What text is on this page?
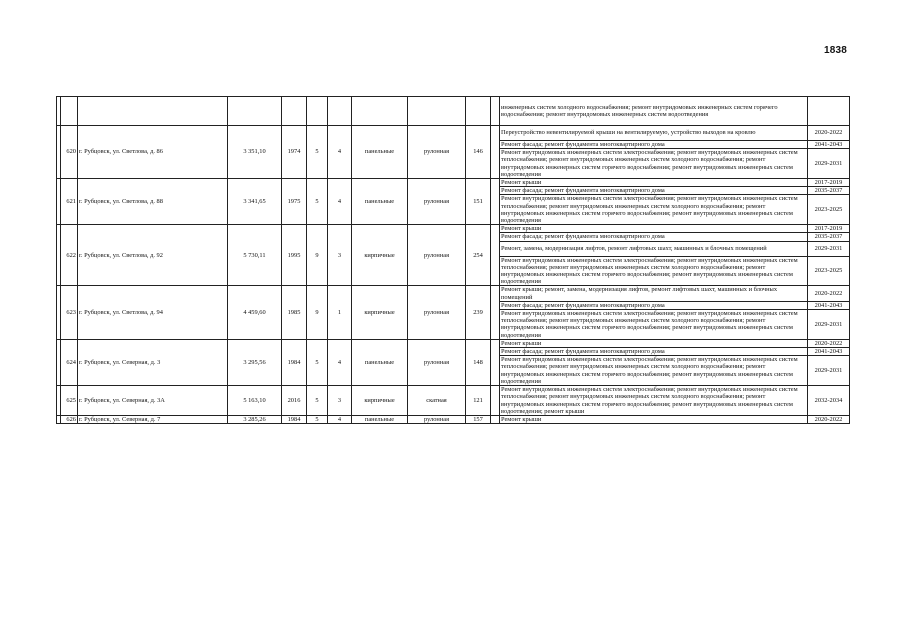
1838
											инженерных систем холодного водоснабжения; ремонт внутридомовых инженерных систем горячего водоснабжения; ремонт внутридомовых инженерных систем водоотведения	
	620	г. Рубцовск, ул. Светлова, д. 86	3 351,10	1974	5	4	панельные	рулонная	146		Переустройство невентилируемой крыши на вентилируемую, устройство выходов на кровлю	2020-2022
											Ремонт фасада; ремонт фундамента многоквартирного дома	2041-2043
											Ремонт внутридомовых инженерных систем электроснабжения; ремонт внутридомовых инженерных систем теплоснабжения; ремонт внутридомовых инженерных систем холодного водоснабжения; ремонт внутридомовых инженерных систем горячего водоснабжения; ремонт внутридомовых инженерных систем водоотведения	2029-2031
	621	г. Рубцовск, ул. Светлова, д. 88	3 341,65	1975	5	4	панельные	рулонная	151		Ремонт крыши	2017-2019
											Ремонт фасада; ремонт фундамента многоквартирного дома	2035-2037
											Ремонт внутридомовых инженерных систем электроснабжения; ремонт внутридомовых инженерных систем теплоснабжения; ремонт внутридомовых инженерных систем холодного водоснабжения; ремонт внутридомовых инженерных систем горячего водоснабжения; ремонт внутридомовых инженерных систем водоотведения	2023-2025
	622	г. Рубцовск, ул. Светлова, д. 92	5 730,11	1995	9	3	кирпичные	рулонная	254		Ремонт крыши	2017-2019
											Ремонт фасада; ремонт фундамента многоквартирного дома	2035-2037
											Ремонт, замена, модернизация лифтов, ремонт лифтовых шахт, машинных и блочных помещений	2029-2031
											Ремонт внутридомовых инженерных систем электроснабжения; ремонт внутридомовых инженерных систем теплоснабжения; ремонт внутридомовых инженерных систем холодного водоснабжения; ремонт внутридомовых инженерных систем горячего водоснабжения; ремонт внутридомовых инженерных систем водоотведения	2023-2025
	623	г. Рубцовск, ул. Светлова, д. 94	4 459,60	1985	9	1	кирпичные	рулонная	239		Ремонт крыши; ремонт, замена, модернизация лифтов, ремонт лифтовых шахт, машинных и блочных помещений	2020-2022
											Ремонт фасада; ремонт фундамента многоквартирного дома	2041-2043
											Ремонт внутридомовых инженерных систем электроснабжения; ремонт внутридомовых инженерных систем теплоснабжения; ремонт внутридомовых инженерных систем холодного водоснабжения; ремонт внутридомовых инженерных систем горячего водоснабжения; ремонт внутридомовых инженерных систем водоотведения	2029-2031
	624	г. Рубцовск, ул. Северная, д. 3	3 295,56	1984	5	4	панельные	рулонная	148		Ремонт крыши	2020-2022
											Ремонт фасада; ремонт фундамента многоквартирного дома	2041-2043
											Ремонт внутридомовых инженерных систем электроснабжения; ремонт внутридомовых инженерных систем теплоснабжения; ремонт внутридомовых инженерных систем холодного водоснабжения; ремонт внутридомовых инженерных систем горячего водоснабжения; ремонт внутридомовых инженерных систем водоотведения	2029-2031
	625	г. Рубцовск, ул. Северная, д. 3А	5 163,10	2016	5	3	кирпичные	скатная	121		Ремонт внутридомовых инженерных систем электроснабжения; ремонт внутридомовых инженерных систем теплоснабжения; ремонт внутридомовых инженерных систем холодного водоснабжения; ремонт внутридомовых инженерных систем горячего водоснабжения; ремонт внутридомовых инженерных систем водоотведения; ремонт крыши	2032-2034
	626	г. Рубцовск, ул. Северная, д. 7	3 285,26	1984	5	4	панельные	рулонная	157		Ремонт крыши	2020-2022
